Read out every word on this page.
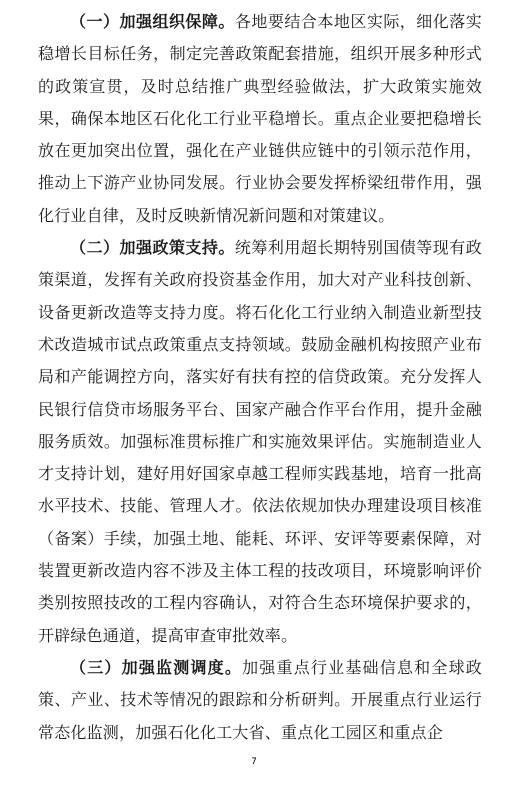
（一）加强组织保障。各地要结合本地区实际，细化落实稳增长目标任务，制定完善政策配套措施，组织开展多种形式的政策宣贯，及时总结推广典型经验做法，扩大政策实施效果，确保本地区石化化工行业平稳增长。重点企业要把稳增长放在更加突出位置，强化在产业链供应链中的引领示范作用，推动上下游产业协同发展。行业协会要发挥桥梁纽带作用，强化行业自律，及时反映新情况新问题和对策建议。

（二）加强政策支持。统筹利用超长期特别国债等现有政策渠道，发挥有关政府投资基金作用，加大对产业科技创新、设备更新改造等支持力度。将石化化工行业纳入制造业新型技术改造城市试点政策重点支持领域。鼓励金融机构按照产业布局和产能调控方向，落实好有扶有控的信贷政策。充分发挥人民银行信贷市场服务平台、国家产融合作平台作用，提升金融服务质效。加强标准贯标推广和实施效果评估。实施制造业人才支持计划，建好用好国家卓越工程师实践基地，培育一批高水平技术、技能、管理人才。依法依规加快办理建设项目核准（备案）手续，加强土地、能耗、环评、安评等要素保障，对装置更新改造内容不涉及主体工程的技改项目，环境影响评价类别按照技改的工程内容确认，对符合生态环境保护要求的，开辟绿色通道，提高审查审批效率。

（三）加强监测调度。加强重点行业基础信息和全球政策、产业、技术等情况的跟踪和分析研判。开展重点行业运行常态化监测，加强石化化工大省、重点化工园区和重点企

7
